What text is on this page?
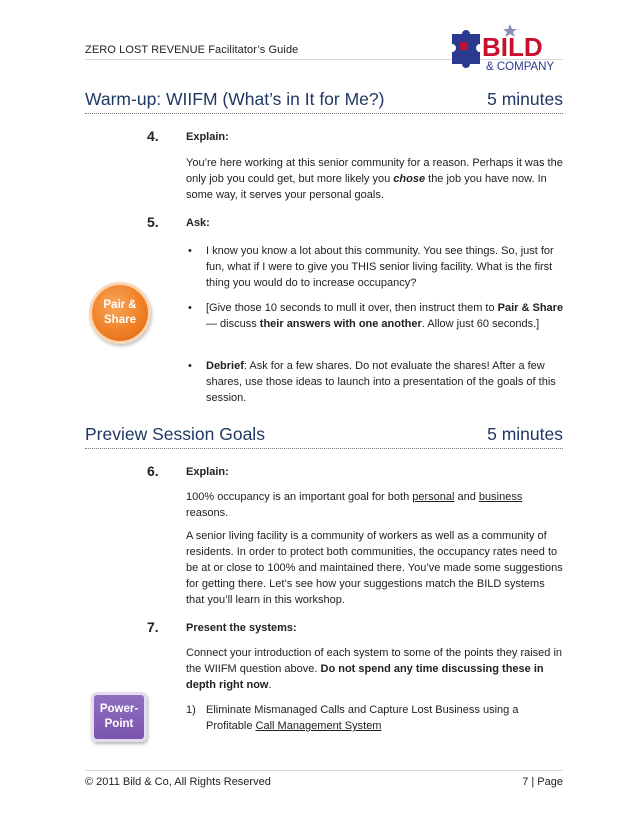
ZERO LOST REVENUE Facilitator’s Guide	BILD
& COMPANY
Warm-up: WIIFM (What’s in It for Me?)	5 minutes
4. Explain:
You’re here working at this senior community for a reason. Perhaps it was the only job you could get, but more likely you chose the job you have now. In some way, it serves your personal goals.
5. Ask:
• I know you know a lot about this community. You see things. So, just for fun, what if I were to give you THIS senior living facility. What is the first thing you would do to increase occupancy?
• [Give those 10 seconds to mull it over, then instruct them to Pair & Share — discuss their answers with one another. Allow just 60 seconds.]
• Debrief: Ask for a few shares. Do not evaluate the shares! After a few shares, use those ideas to launch into a presentation of the goals of this session.
Pair & Share
Preview Session Goals	5 minutes
6. Explain:
100% occupancy is an important goal for both personal and business reasons.
A senior living facility is a community of workers as well as a community of residents. In order to protect both communities, the occupancy rates need to be at or close to 100% and maintained there. You’ve made some suggestions for getting there. Let’s see how your suggestions match the BILD systems that you’ll learn in this workshop.
7. Present the systems:
Connect your introduction of each system to some of the points they raised in the WIIFM question above. Do not spend any time discussing these in depth right now.
1) Eliminate Mismanaged Calls and Capture Lost Business using a Profitable Call Management System
Power-Point
© 2011 Bild & Co, All Rights Reserved	7 | Page
